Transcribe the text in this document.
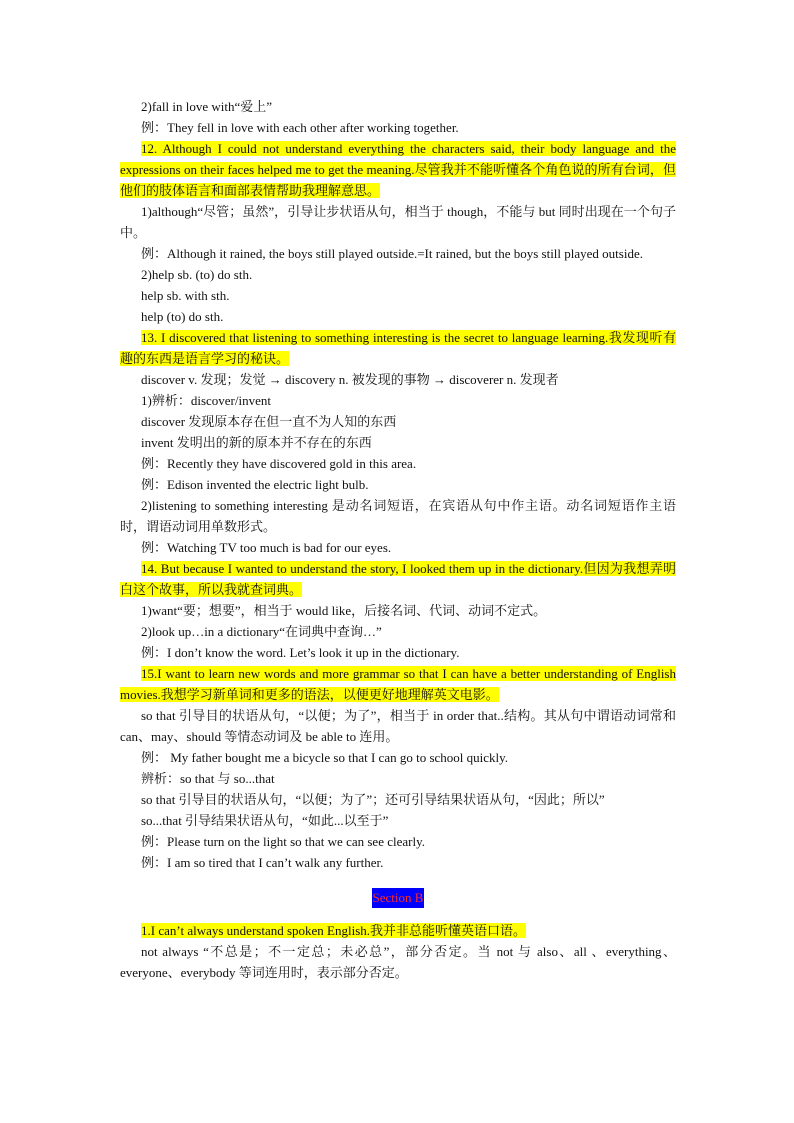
2)fall in love with“爱上”

例：They fell in love with each other after working together.

12. Although I could not understand everything the characters said, their body language and the expressions on their faces helped me to get the meaning.尽管我并不能听懂各个角色说的所有台词，但他们的肢体语言和面部表情帮助我理解意思。

1)although“尽管；虽然”，引导让步状语从句，相当于 though，不能与 but 同时出现在一个句子中。

例：Although it rained, the boys still played outside.=It rained, but the boys still played outside.

2)help sb. (to) do sth.

help sb. with sth.

help (to) do sth.

13. I discovered that listening to something interesting is the secret to language learning.我发现听有趣的东西是语言学习的秘诀。

discover v. 发现；发觉 → discovery n. 被发现的事物 → discoverer n. 发现者

1)辨析：discover/invent

discover 发现原本存在但一直不为人知的东西

invent 发明出的新的原本并不存在的东西

例：Recently they have discovered gold in this area.

例：Edison invented the electric light bulb.

2)listening to something interesting 是动名词短语，在宾语从句中作主语。动名词短语作主语时，谓语动词用单数形式。

例：Watching TV too much is bad for our eyes.

14. But because I wanted to understand the story, I looked them up in the dictionary.但因为我想弄明白这个故事，所以我就查词典。

1)want“要；想要”，相当于 would like，后接名词、代词、动词不定式。

2)look up…in a dictionary“在词典中查询…”

例：I don’t know the word. Let’s look it up in the dictionary.

15.I want to learn new words and more grammar so that I can have a better understanding of English movies.我想学习新单词和更多的语法，以便更好地理解英文电影。

so that 引导目的状语从句，“以便；为了”，相当于 in order that..结构。其从句中谓语动词常和 can、may、should 等情态动词及 be able to 连用。

例： My father bought me a bicycle so that I can go to school quickly.

辨析：so that 与 so...that

so that 引导目的状语从句，“以便；为了”；还可引导结果状语从句，“因此；所以”

so...that 引导结果状语从句，“如此...以至于”

例：Please turn on the light so that we can see clearly.

例：I am so tired that I can’t walk any further.

Section B

1.I can’t always understand spoken English.我并非总能听懂英语口语。

not always “不总是；不一定总；未必总”，部分否定。当 not 与 also、all 、everything、everyone、everybody 等词连用时，表示部分否定。
